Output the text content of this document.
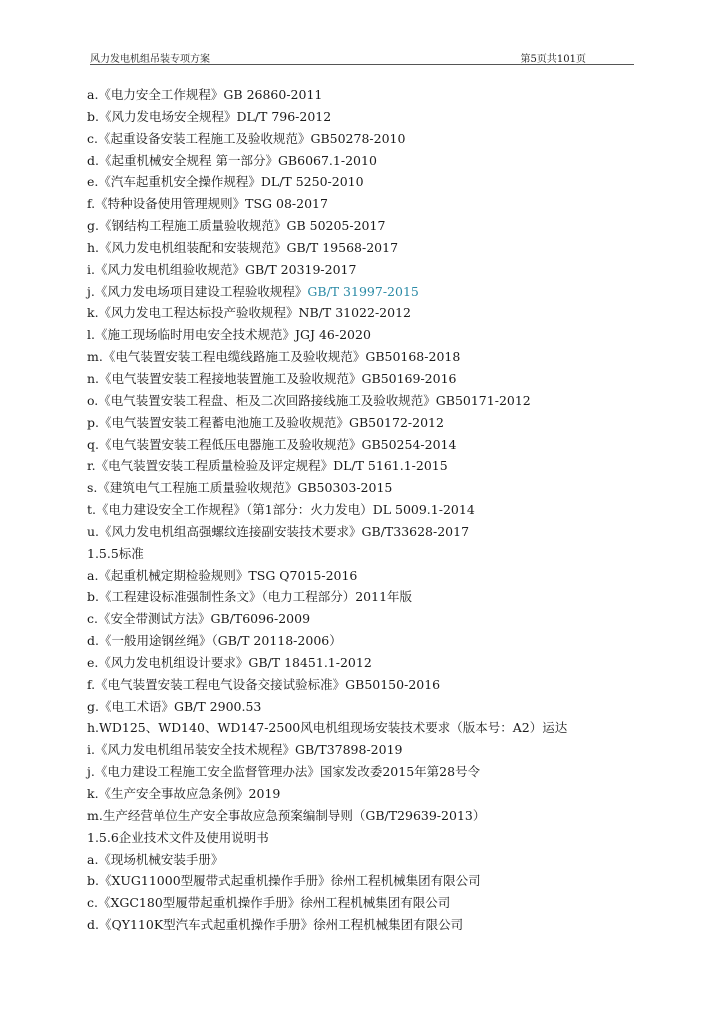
风力发电机组吊装专项方案	第5页共101页
a.《电力安全工作规程》GB 26860-2011
b.《风力发电场安全规程》DL/T 796-2012
c.《起重设备安装工程施工及验收规范》GB50278-2010
d.《起重机械安全规程 第一部分》GB6067.1-2010
e.《汽车起重机安全操作规程》DL/T 5250-2010
f.《特种设备使用管理规则》TSG 08-2017
g.《钢结构工程施工质量验收规范》GB 50205-2017
h.《风力发电机组装配和安装规范》GB/T 19568-2017
i.《风力发电机组验收规范》GB/T 20319-2017
j.《风力发电场项目建设工程验收规程》GB/T 31997-2015
k.《风力发电工程达标投产验收规程》NB/T 31022-2012
l.《施工现场临时用电安全技术规范》JGJ 46-2020
m.《电气装置安装工程电缆线路施工及验收规范》GB50168-2018
n.《电气装置安装工程接地装置施工及验收规范》GB50169-2016
o.《电气装置安装工程盘、柜及二次回路接线施工及验收规范》GB50171-2012
p.《电气装置安装工程蓄电池施工及验收规范》GB50172-2012
q.《电气装置安装工程低压电器施工及验收规范》GB50254-2014
r.《电气装置安装工程质量检验及评定规程》DL/T 5161.1-2015
s.《建筑电气工程施工质量验收规范》GB50303-2015
t.《电力建设安全工作规程》（第1部分：火力发电）DL 5009.1-2014
u.《风力发电机组高强螺纹连接副安装技术要求》GB/T33628-2017
1.5.5标准
a.《起重机械定期检验规则》TSG Q7015-2016
b.《工程建设标准强制性条文》（电力工程部分）2011年版
c.《安全带测试方法》GB/T6096-2009
d.《一般用途钢丝绳》（GB/T 20118-2006）
e.《风力发电机组设计要求》GB/T 18451.1-2012
f.《电气装置安装工程电气设备交接试验标准》GB50150-2016
g.《电工术语》GB/T 2900.53
h.WD125、WD140、WD147-2500风电机组现场安装技术要求（版本号：A2）运达
i.《风力发电机组吊装安全技术规程》GB/T37898-2019
j.《电力建设工程施工安全监督管理办法》国家发改委2015年第28号令
k.《生产安全事故应急条例》2019
m.生产经营单位生产安全事故应急预案编制导则（GB/T29639-2013）
1.5.6企业技术文件及使用说明书
a.《现场机械安装手册》
b.《XUG11000型履带式起重机操作手册》徐州工程机械集团有限公司
c.《XGC180型履带起重机操作手册》徐州工程机械集团有限公司
d.《QY110K型汽车式起重机操作手册》徐州工程机械集团有限公司
